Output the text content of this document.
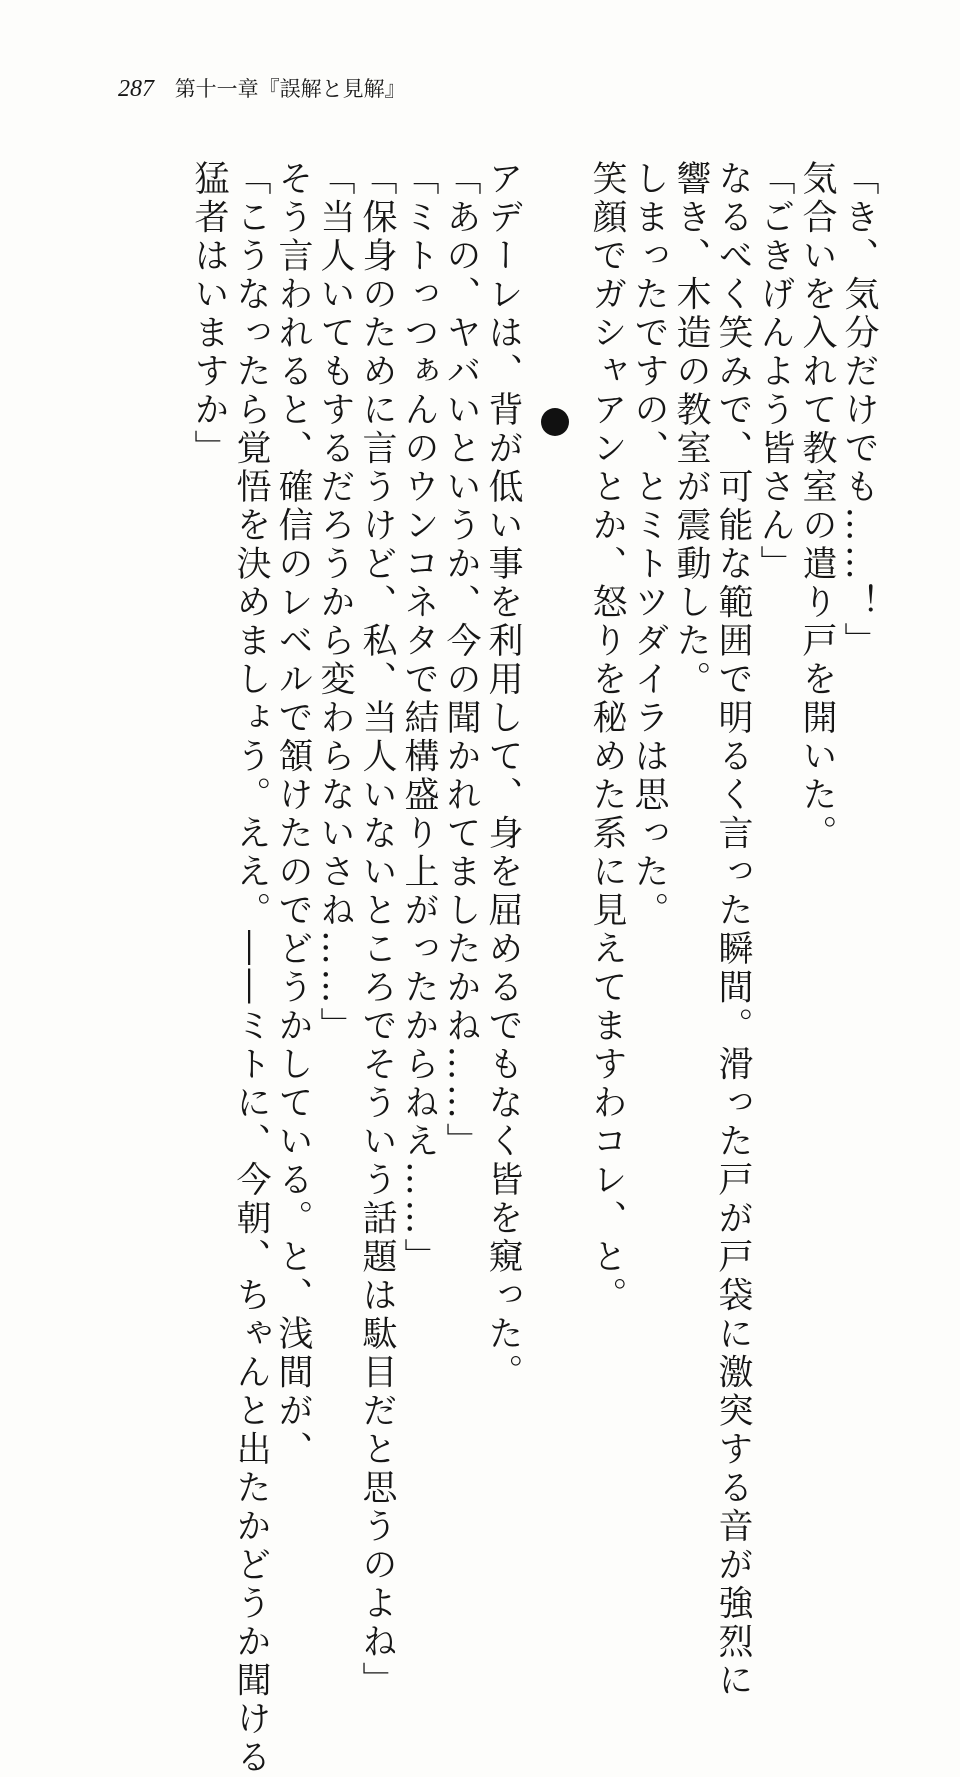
287 第十一章『誤解と見解』
「き、気分だけでも……！」
気合いを入れて教室の遣り戸を開いた。
「ごきげんよう皆さん」
なるべく笑みで、可能な範囲で明るく言った瞬間。滑った戸が戸袋に激突する音が強烈に
響き、木造の教室が震動した。
しまったですの、とミトツダイラは思った。
笑顔でガシャアンとか、怒りを秘めた系に見えてますわコレ、と。
アデーレは、背が低い事を利用して、身を屈めるでもなく皆を窺った。
「あの、ヤバいというか、今の聞かれてましたかね……」
「ミトっつぁんのウンコネタで結構盛り上がったからねえ……」
「保身のために言うけど、私、当人いないところでそういう話題は駄目だと思うのよね」
「当人いてもするだろうから変わらないさね……」
そう言われると、確信のレベルで頷けたのでどうかしている。と、浅間が、
「こうなったら覚悟を決めましょう。ええ。――ミトに、今朝、ちゃんと出たかどうか聞ける
猛者はいますか」
